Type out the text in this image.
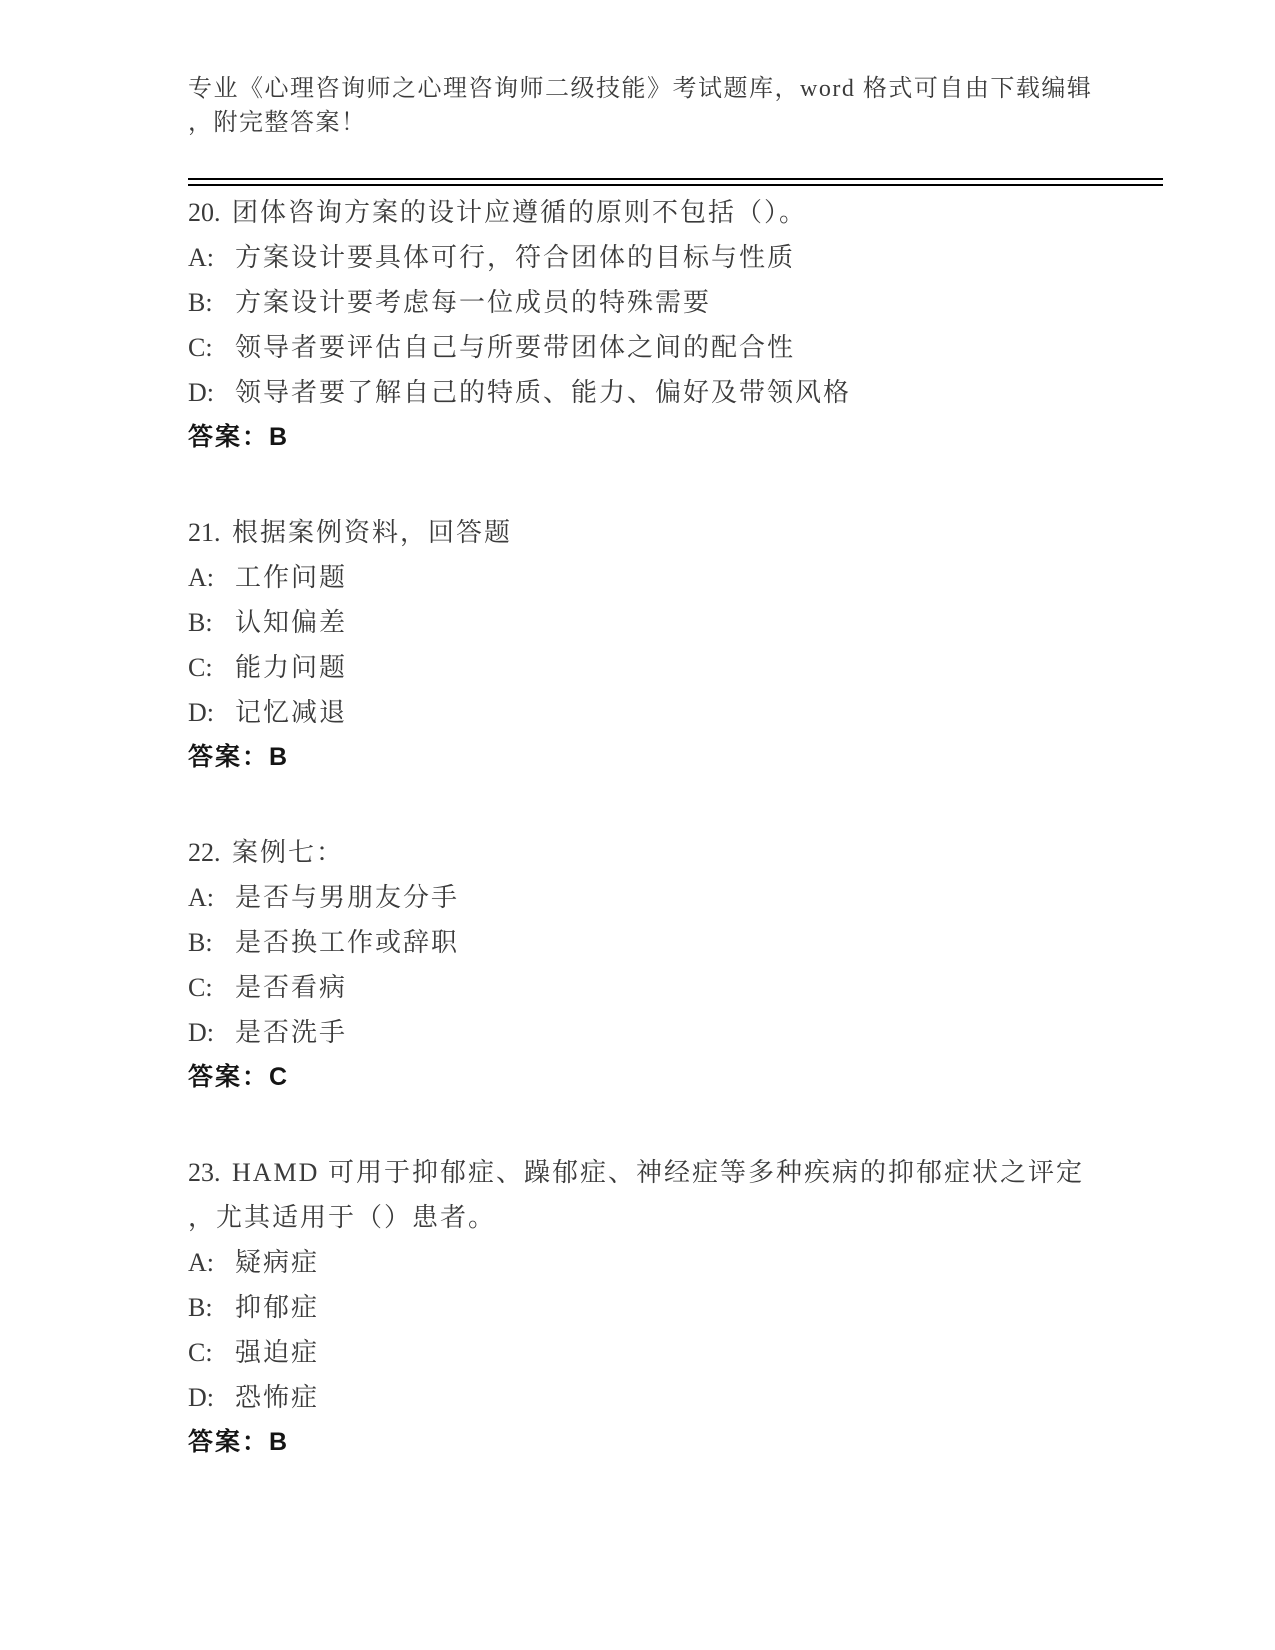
专业《心理咨询师之心理咨询师二级技能》考试题库，word 格式可自由下载编辑
，附完整答案！
20. 团体咨询方案的设计应遵循的原则不包括（）。
A: 方案设计要具体可行，符合团体的目标与性质
B: 方案设计要考虑每一位成员的特殊需要
C: 领导者要评估自己与所要带团体之间的配合性
D: 领导者要了解自己的特质、能力、偏好及带领风格
答案： B
21. 根据案例资料，回答题
A: 工作问题
B: 认知偏差
C: 能力问题
D: 记忆减退
答案： B
22. 案例七：
A: 是否与男朋友分手
B: 是否换工作或辞职
C: 是否看病
D: 是否洗手
答案： C
23. HAMD 可用于抑郁症、躁郁症、神经症等多种疾病的抑郁症状之评定
，尤其适用于（）患者。
A: 疑病症
B: 抑郁症
C: 强迫症
D: 恐怖症
答案： B
